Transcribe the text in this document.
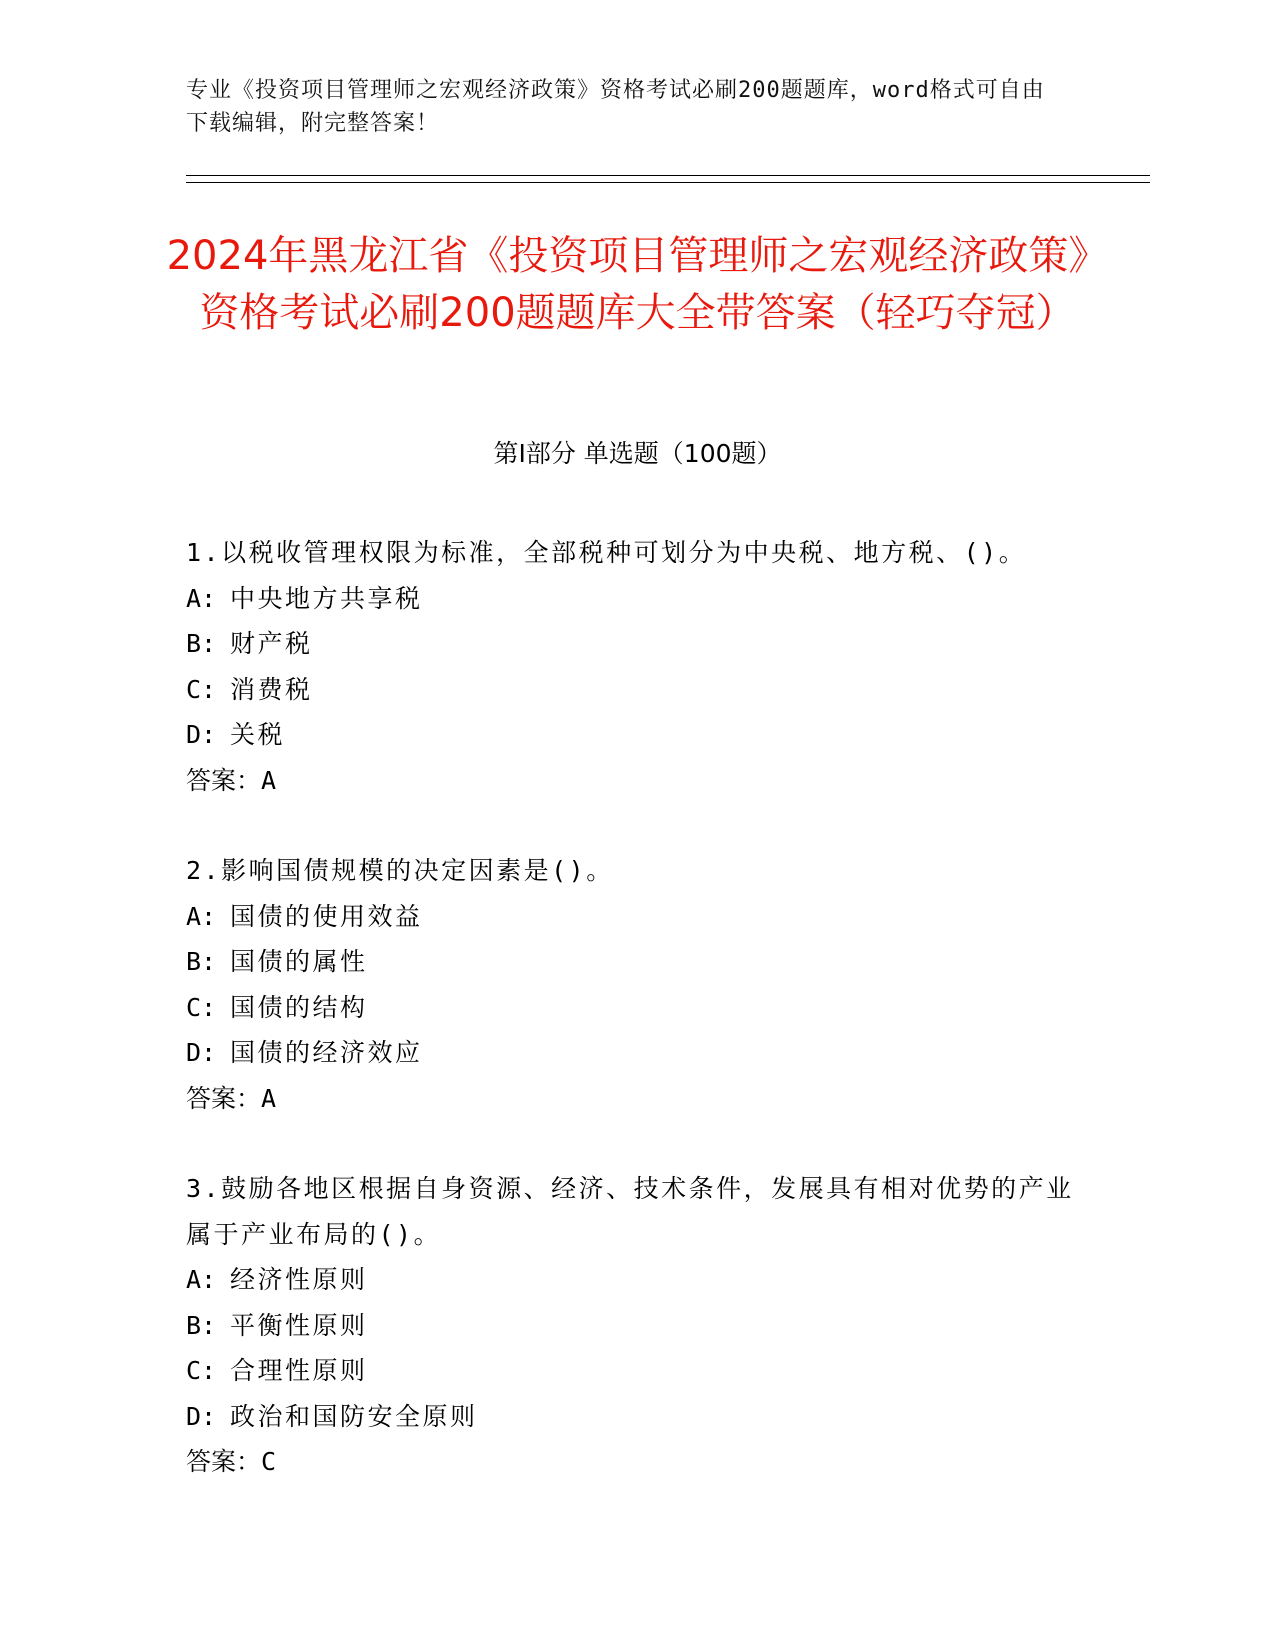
专业《投资项目管理师之宏观经济政策》资格考试必刷200题题库，word格式可自由下载编辑，附完整答案！
2024年黑龙江省《投资项目管理师之宏观经济政策》资格考试必刷200题题库大全带答案（轻巧夺冠）
第I部分 单选题（100题）
1.以税收管理权限为标准，全部税种可划分为中央税、地方税、()。
A: 中央地方共享税
B: 财产税
C: 消费税
D: 关税
答案：A
2.影响国债规模的决定因素是()。
A: 国债的使用效益
B: 国债的属性
C: 国债的结构
D: 国债的经济效应
答案：A
3.鼓励各地区根据自身资源、经济、技术条件，发展具有相对优势的产业属于产业布局的()。
A: 经济性原则
B: 平衡性原则
C: 合理性原则
D: 政治和国防安全原则
答案：C
